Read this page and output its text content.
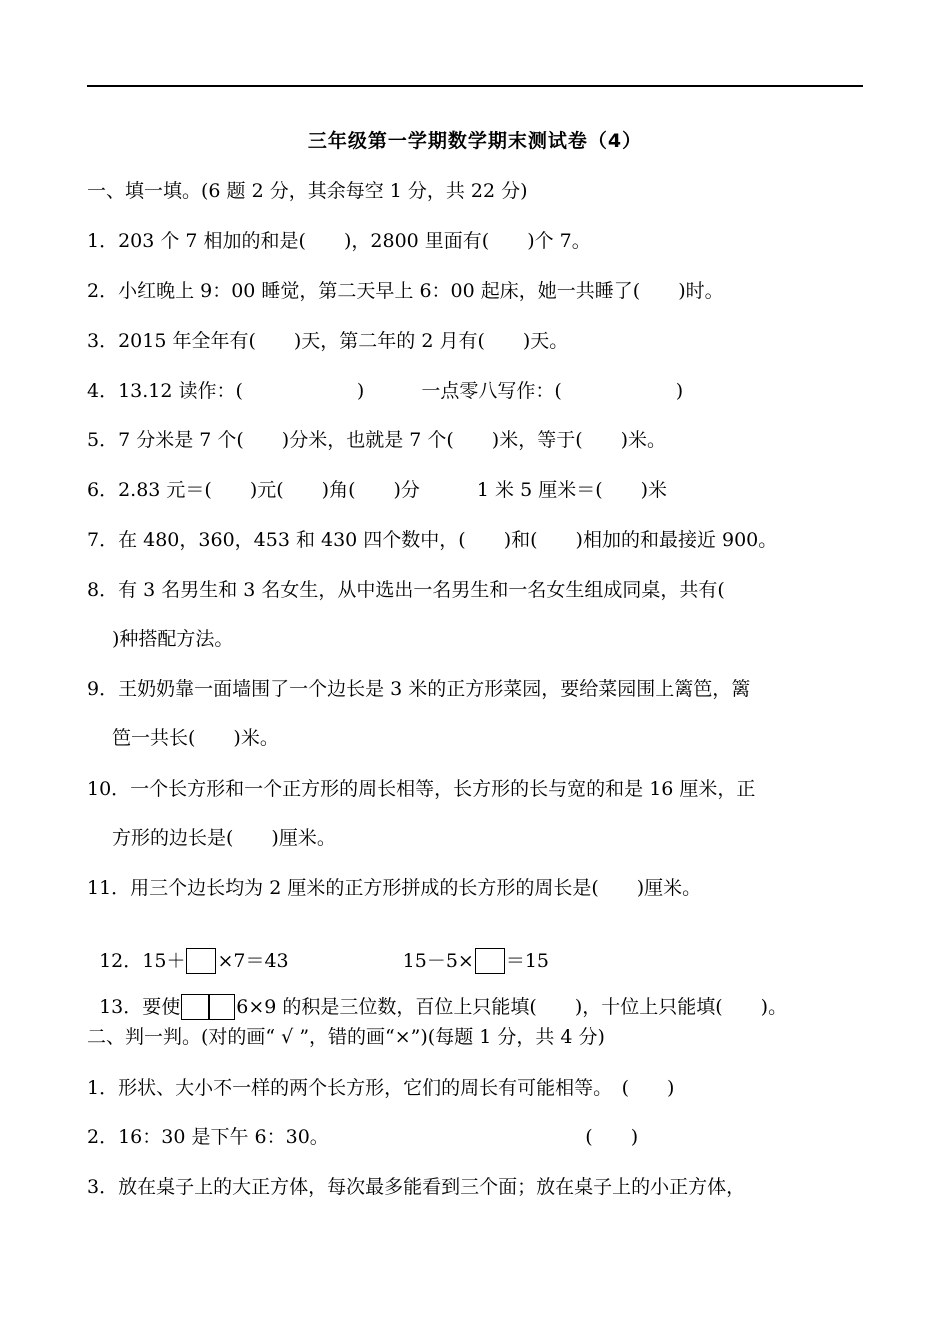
三年级第一学期数学期末测试卷（4）
一、填一填。(6 题 2 分，其余每空 1 分，共 22 分)
1．203 个 7 相加的和是(　　)，2800 里面有(　　)个 7。
2．小红晚上 9：00 睡觉，第二天早上 6：00 起床，她一共睡了(　　)时。
3．2015 年全年有(　　)天，第二年的 2 月有(　　)天。
4．13.12 读作：(　　　　　　)　　　一点零八写作：(　　　　　　)
5．7 分米是 7 个(　　)分米，也就是 7 个(　　)米，等于(　　)米。
6．2.83 元＝(　　)元(　　)角(　　)分　　　1 米 5 厘米＝(　　)米
7．在 480，360，453 和 430 四个数中，(　　)和(　　)相加的和最接近 900。
8．有 3 名男生和 3 名女生，从中选出一名男生和一名女生组成同桌，共有(
)种搭配方法。
9．王奶奶靠一面墙围了一个边长是 3 米的正方形菜园，要给菜园围上篱笆，篱
笆一共长(　　)米。
10．一个长方形和一个正方形的周长相等，长方形的长与宽的和是 16 厘米，正
方形的边长是(　　)厘米。
11．用三个边长均为 2 厘米的正方形拼成的长方形的周长是(　　)厘米。

12．15＋ ×7＝43　　　　　　15－5× ＝15

13．要使	6×9 的积是三位数，百位上只能填(　　)，十位上只能填(　　)。

二、判一判。(对的画“ √ ”，错的画“×”)(每题 1 分，共 4 分)
1．形状、大小不一样的两个长方形，它们的周长有可能相等。　(　　)
2．16：30 是下午 6：30。　　　　　　　　　　　　　　(　　)
3．放在桌子上的大正方体，每次最多能看到三个面；放在桌子上的小正方体，
